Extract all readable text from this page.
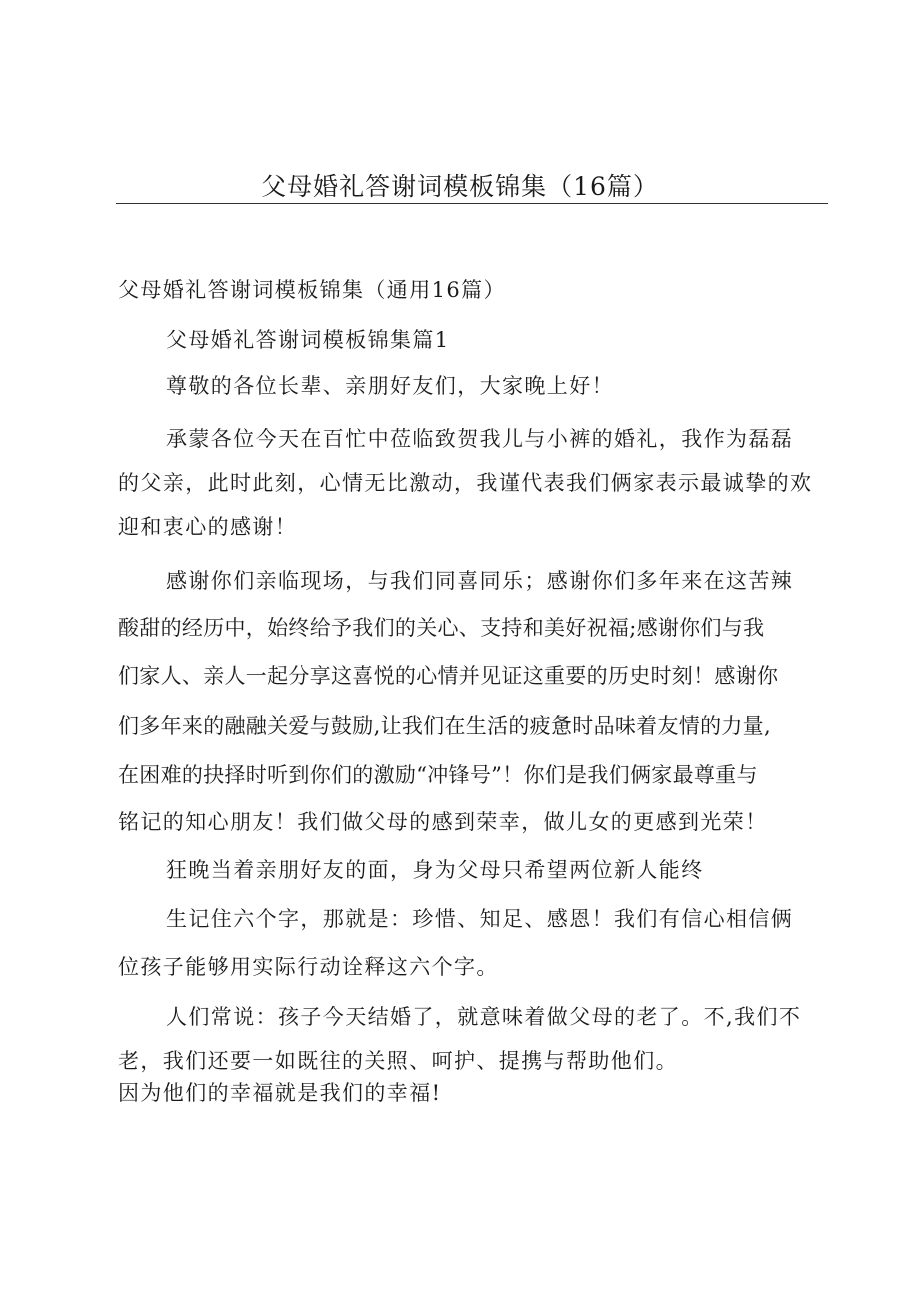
父母婚礼答谢词模板锦集（16篇）
父母婚礼答谢词模板锦集（通用16篇）
父母婚礼答谢词模板锦集篇1
尊敬的各位长辈、亲朋好友们，大家晚上好！
承蒙各位今天在百忙中莅临致贺我儿与小裤的婚礼，我作为磊磊
的父亲，此时此刻，心情无比激动，我谨代表我们俩家表示最诚挚的欢
迎和衷心的感谢！
感谢你们亲临现场，与我们同喜同乐；感谢你们多年来在这苦辣
酸甜的经历中，始终给予我们的关心、支持和美好祝福;感谢你们与我
们家人、亲人一起分享这喜悦的心情并见证这重要的历史时刻！感谢你
们多年来的融融关爱与鼓励,让我们在生活的疲惫时品味着友情的力量,
在困难的抉择时听到你们的激励“冲锋号”！你们是我们俩家最尊重与
铭记的知心朋友！我们做父母的感到荣幸，做儿女的更感到光荣！
狂晚当着亲朋好友的面，身为父母只希望两位新人能终
生记住六个字，那就是：珍惜、知足、感恩！我们有信心相信俩
位孩子能够用实际行动诠释这六个字。
人们常说：孩子今天结婚了，就意味着做父母的老了。不,我们不
老，我们还要一如既往的关照、呵护、提携与帮助他们。
因为他们的幸福就是我们的幸福!
